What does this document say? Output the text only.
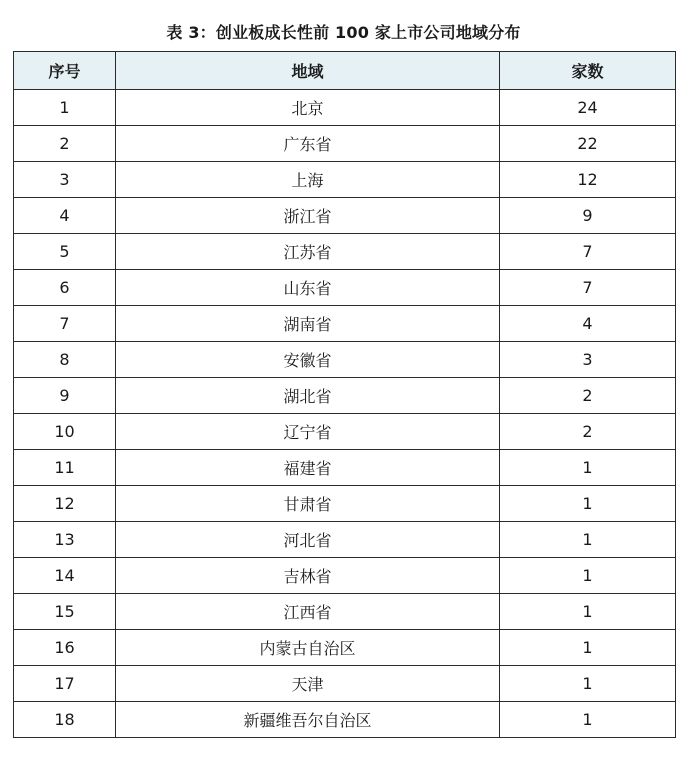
表 3：创业板成长性前 100 家上市公司地域分布
序号	地域	家数
1	北京	24
2	广东省	22
3	上海	12
4	浙江省	9
5	江苏省	7
6	山东省	7
7	湖南省	4
8	安徽省	3
9	湖北省	2
10	辽宁省	2
11	福建省	1
12	甘肃省	1
13	河北省	1
14	吉林省	1
15	江西省	1
16	内蒙古自治区	1
17	天津	1
18	新疆维吾尔自治区	1
